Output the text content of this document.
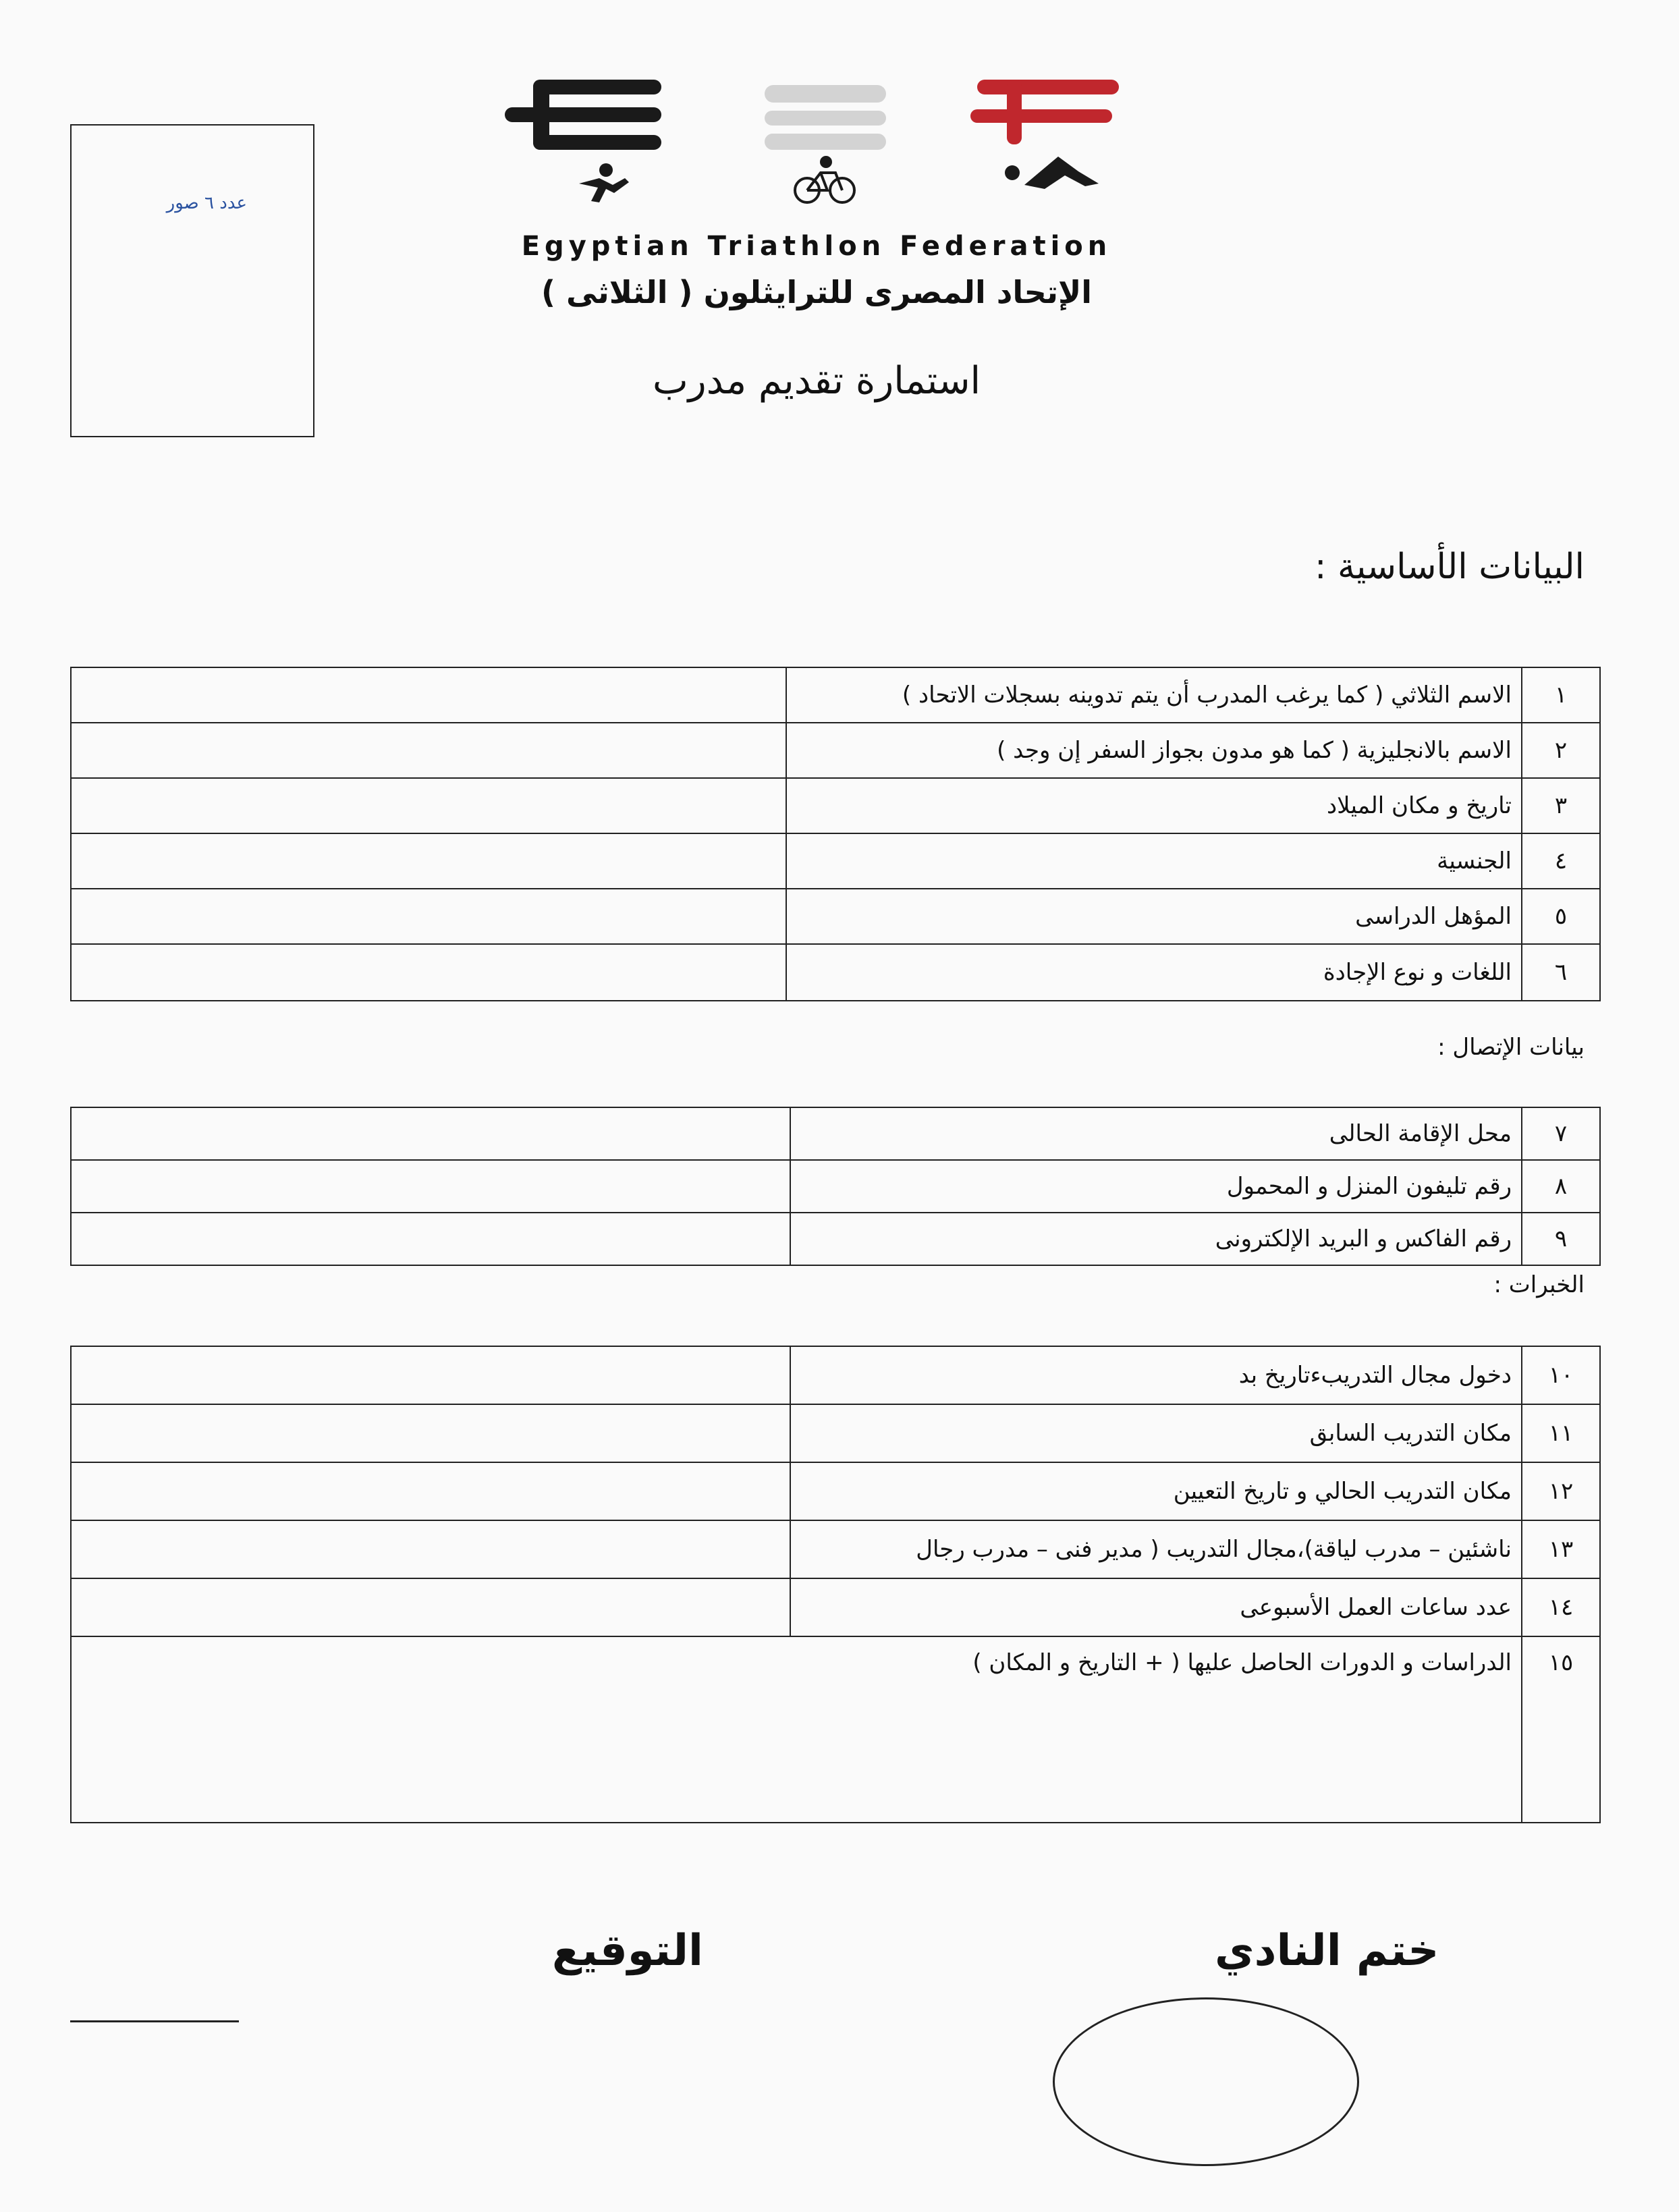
عدد ٦ صور
Egyptian Triathlon Federation
الإتحاد المصرى للترايثلون ( الثلاثى )
استمارة تقديم مدرب
البيانات الأساسية :
١	الاسم الثلاثي ( كما يرغب المدرب أن يتم تدوينه بسجلات الاتحاد )	
٢	الاسم بالانجليزية ( كما هو مدون بجواز السفر إن وجد )	
٣	تاريخ و مكان الميلاد	
٤	الجنسية	
٥	المؤهل الدراسى	
٦	اللغات و نوع الإجادة	
بيانات الإتصال :
٧	محل الإقامة الحالى	
٨	رقم تليفون المنزل و المحمول	
٩	رقم الفاكس و البريد الإلكترونى	
الخبرات :
١٠	دخول مجال التدريبءتاريخ بد	
١١	مكان التدريب السابق	
١٢	مكان التدريب الحالي و تاريخ التعيين	
١٣	ناشئين – مدرب لياقة)،مجال التدريب ( مدير فنى – مدرب رجال	
١٤	عدد ساعات العمل الأسبوعى	
١٥	الدراسات و الدورات الحاصل عليها ( + التاريخ و المكان )	
ختم النادي
التوقيع
